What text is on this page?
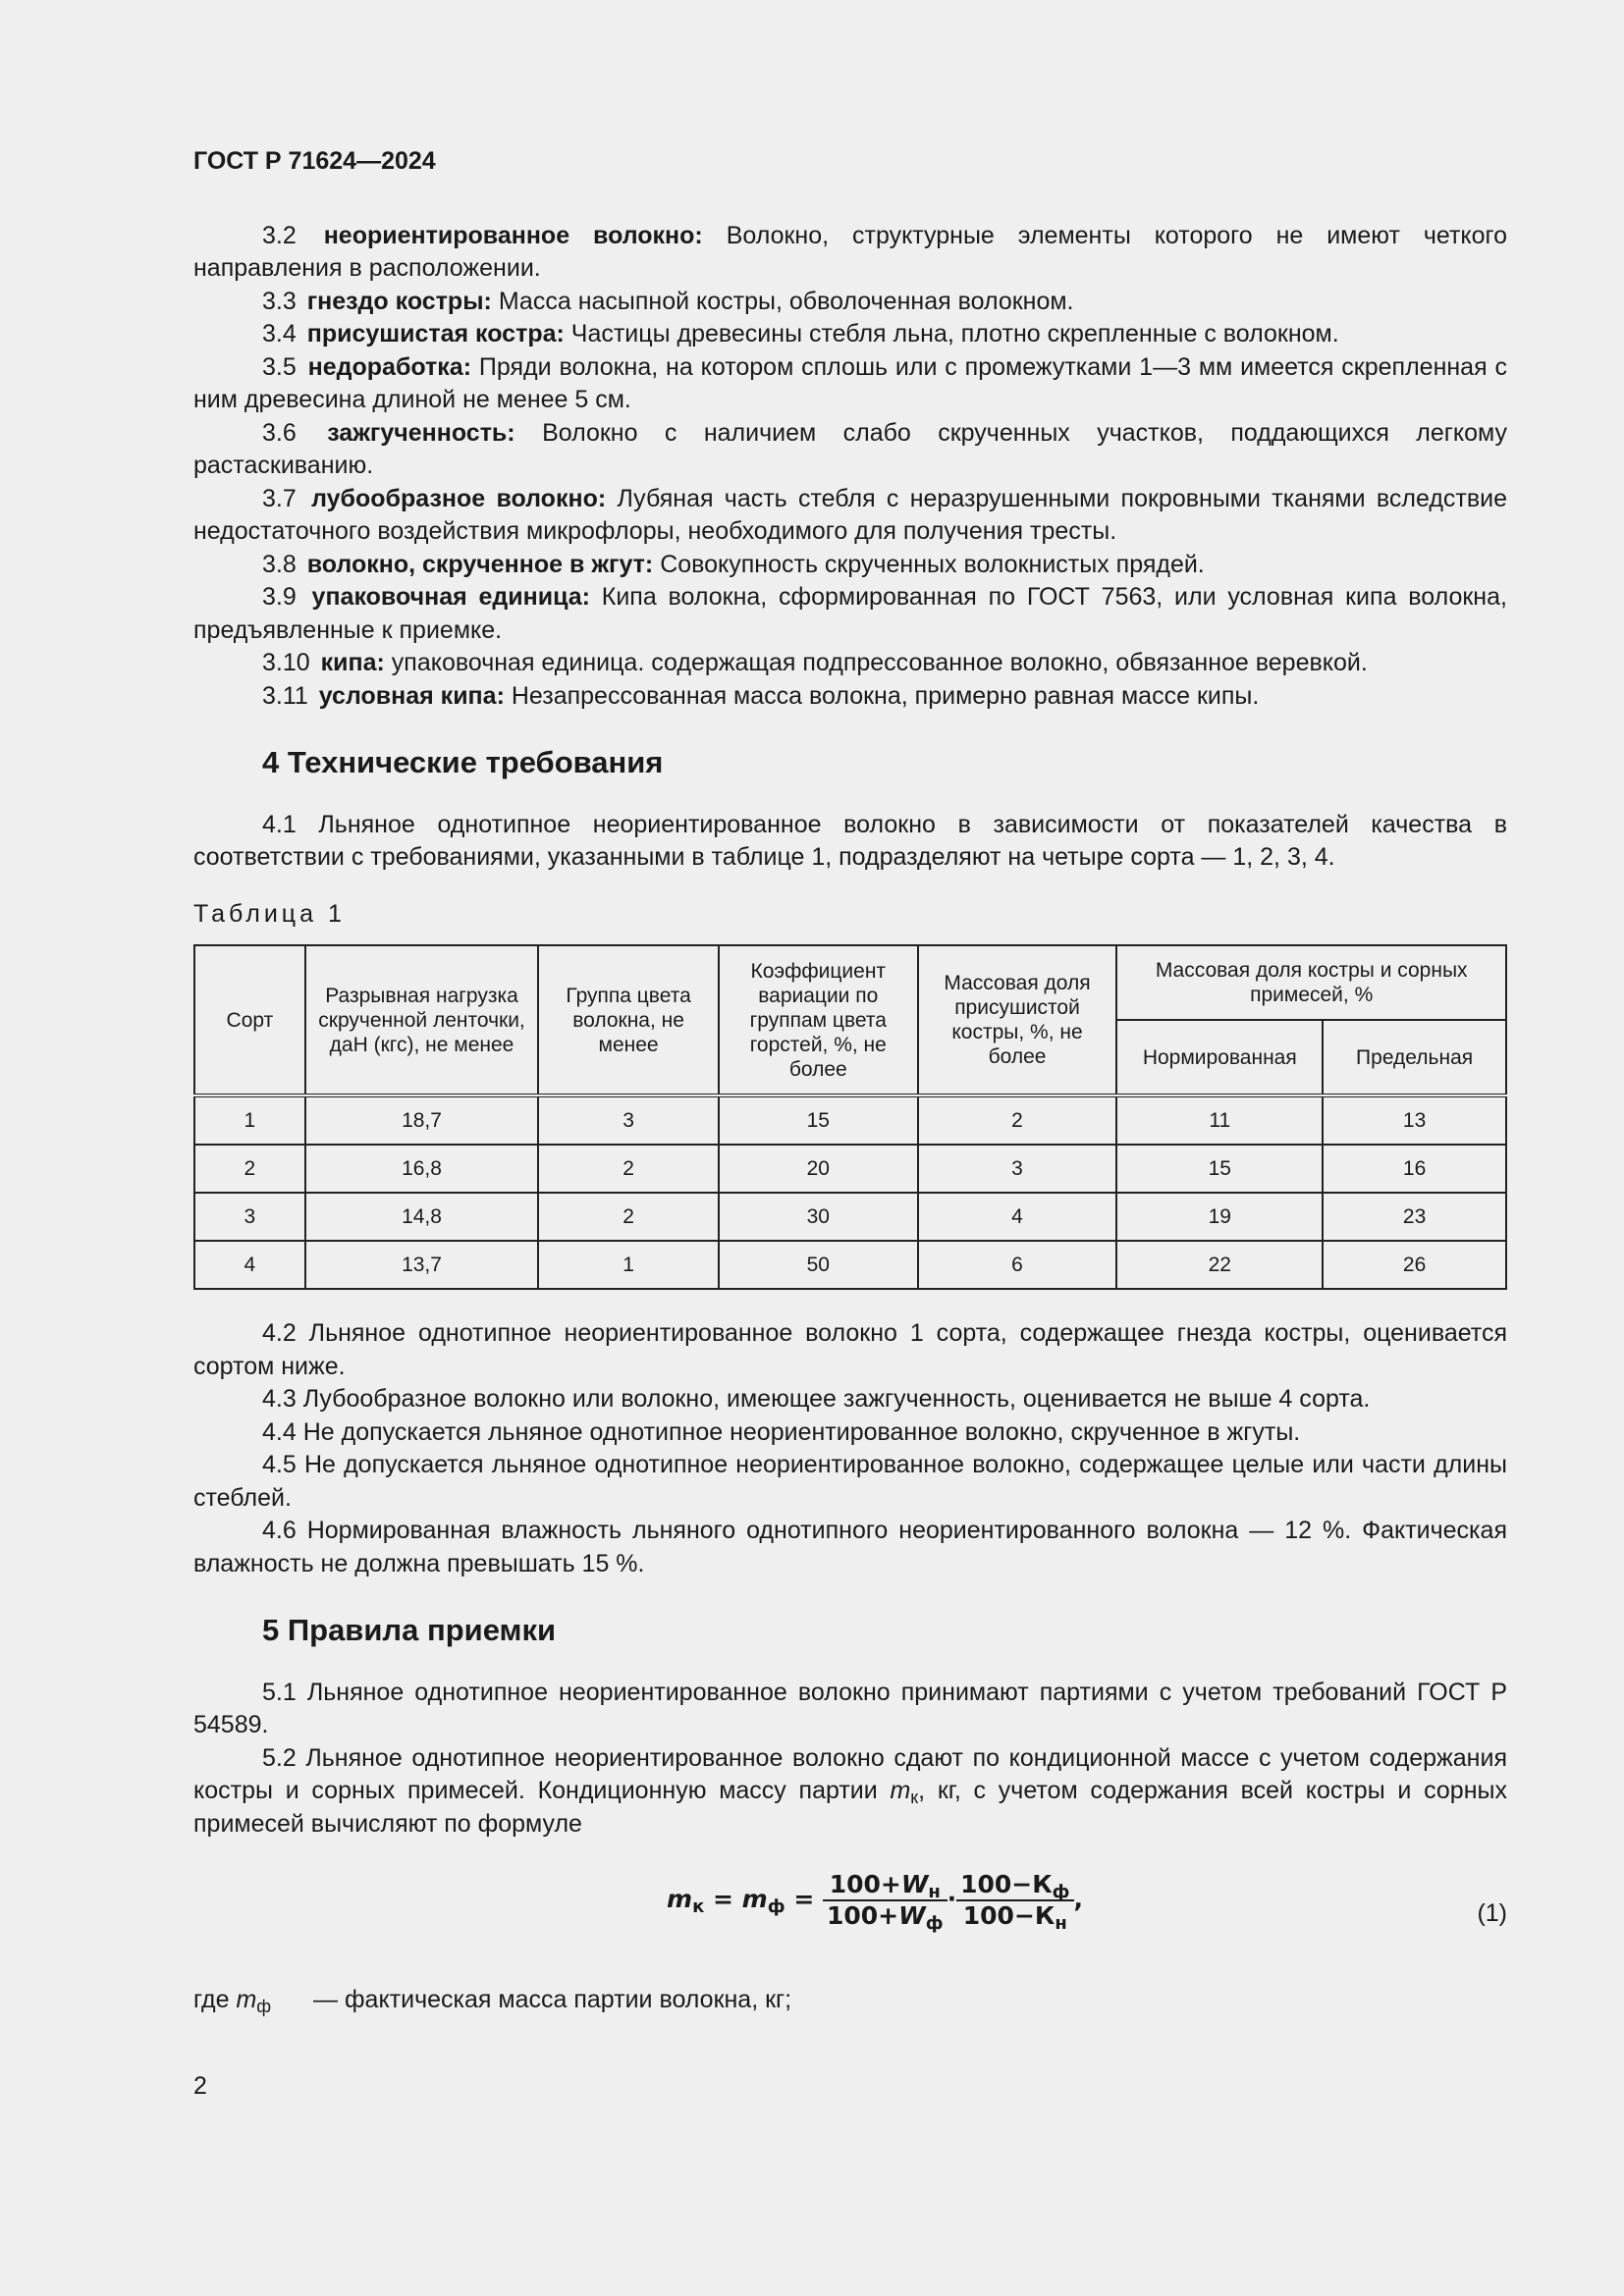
ГОСТ Р 71624—2024

3.2 неориентированное волокно: Волокно, структурные элементы которого не имеют четкого направления в расположении.

3.3 гнездо костры: Масса насыпной костры, обволоченная волокном.

3.4 присушистая костра: Частицы древесины стебля льна, плотно скрепленные с волокном.

3.5 недоработка: Пряди волокна, на котором сплошь или с промежутками 1—3 мм имеется скрепленная с ним древесина длиной не менее 5 см.

3.6 зажгученность: Волокно с наличием слабо скрученных участков, поддающихся легкому растаскиванию.

3.7 лубообразное волокно: Лубяная часть стебля с неразрушенными покровными тканями вследствие недостаточного воздействия микрофлоры, необходимого для получения тресты.

3.8 волокно, скрученное в жгут: Совокупность скрученных волокнистых прядей.

3.9 упаковочная единица: Кипа волокна, сформированная по ГОСТ 7563, или условная кипа волокна, предъявленные к приемке.

3.10 кипа: упаковочная единица. содержащая подпрессованное волокно, обвязанное веревкой.

3.11 условная кипа: Незапрессованная масса волокна, примерно равная массе кипы.

4 Технические требования

4.1 Льняное однотипное неориентированное волокно в зависимости от показателей качества в соответствии с требованиями, указанными в таблице 1, подразделяют на четыре сорта — 1, 2, 3, 4.

Таблица 1

Сорт	Разрывная нагрузка скрученной ленточки, даН (кгс), не менее	Группа цвета волокна, не менее	Коэффициент вариации по группам цвета горстей, %, не более	Массовая доля присушистой костры, %, не более	Массовая доля костры и сорных примесей, %	
					Нормированная	Предельная
1	18,7	3	15	2	11	13
2	16,8	2	20	3	15	16
3	14,8	2	30	4	19	23
4	13,7	1	50	6	22	26

4.2 Льняное однотипное неориентированное волокно 1 сорта, содержащее гнезда костры, оценивается сортом ниже.

4.3 Лубообразное волокно или волокно, имеющее зажгученность, оценивается не выше 4 сорта.

4.4 Не допускается льняное однотипное неориентированное волокно, скрученное в жгуты.

4.5 Не допускается льняное однотипное неориентированное волокно, содержащее целые или части длины стеблей.

4.6 Нормированная влажность льняного однотипного неориентированного волокна — 12 %. Фактическая влажность не должна превышать 15 %.

5 Правила приемки

5.1 Льняное однотипное неориентированное волокно принимают партиями с учетом требований ГОСТ Р 54589.

5.2 Льняное однотипное неориентированное волокно сдают по кондиционной массе с учетом содержания костры и сорных примесей. Кондиционную массу партии $m_к$, кг, с учетом содержания всей костры и сорных примесей вычисляют по формуле

$m_к = m_ф = \frac{100+W_н}{100+W_ф} \cdot \frac{100-К_ф}{100-К_н}$ ,	(1)

где $m_ф$ — фактическая масса партии волокна, кг;

2
